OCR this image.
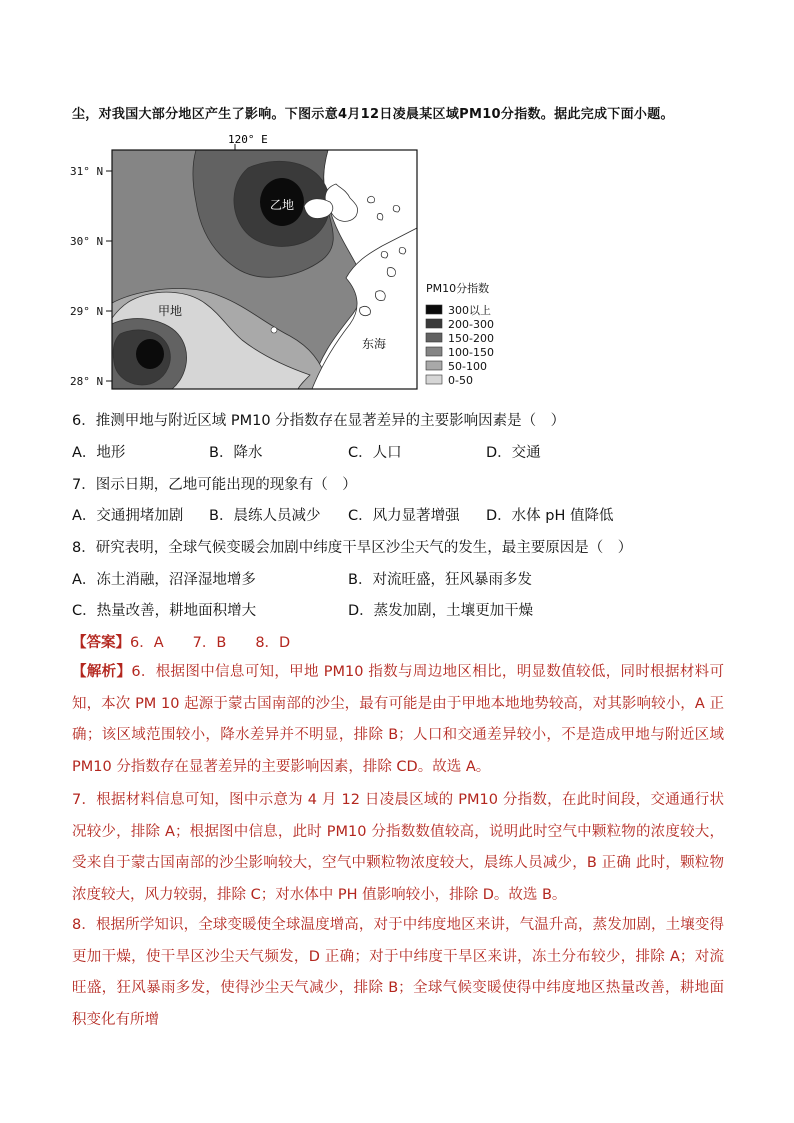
尘，对我国大部分地区产生了影响。下图示意4月12日凌晨某区域PM10分指数。据此完成下面小题。
120° E
31° N
30° N
29° N
28° N
乙地
甲地
东海
PM10分指数
300以上
200-300
150-200
100-150
50-100
0-50
6．推测甲地与附近区域 PM10 分指数存在显著差异的主要影响因素是（　）
A．地形	B．降水	C．人口	D．交通
7．图示日期，乙地可能出现的现象有（　）
A．交通拥堵加剧 B．晨练人员减少 C．风力显著增强 D．水体 pH 值降低
8．研究表明，全球气候变暖会加剧中纬度干旱区沙尘天气的发生，最主要原因是（　）
A．冻土消融，沼泽湿地增多	B．对流旺盛，狂风暴雨多发
C．热量改善，耕地面积增大	D．蒸发加剧，土壤更加干燥
【答案】6．A　　7．B　　8．D
【解析】6．根据图中信息可知，甲地 PM10 指数与周边地区相比，明显数值较低，同时根据材料可知，本次 PM 10 起源于蒙古国南部的沙尘，最有可能是由于甲地本地地势较高，对其影响较小，A 正确；该区域范围较小，降水差异并不明显，排除 B；人口和交通差异较小，不是造成甲地与附近区域 PM10 分指数存在显著差异的主要影响因素，排除 CD。故选 A。
7．根据材料信息可知，图中示意为 4 月 12 日凌晨区域的 PM10 分指数，在此时间段，交通通行状况较少，排除 A；根据图中信息，此时 PM10 分指数数值较高，说明此时空气中颗粒物的浓度较大，受来自于蒙古国南部的沙尘影响较大，空气中颗粒物浓度较大，晨练人员减少，B 正确 此时，颗粒物浓度较大，风力较弱，排除 C；对水体中 PH 值影响较小，排除 D。故选 B。
8．根据所学知识，全球变暖使全球温度增高，对于中纬度地区来讲，气温升高，蒸发加剧，土壤变得更加干燥，使干旱区沙尘天气频发，D 正确；对于中纬度干旱区来讲，冻土分布较少，排除 A；对流旺盛，狂风暴雨多发，使得沙尘天气减少，排除 B；全球气候变暖使得中纬度地区热量改善，耕地面积变化有所增
